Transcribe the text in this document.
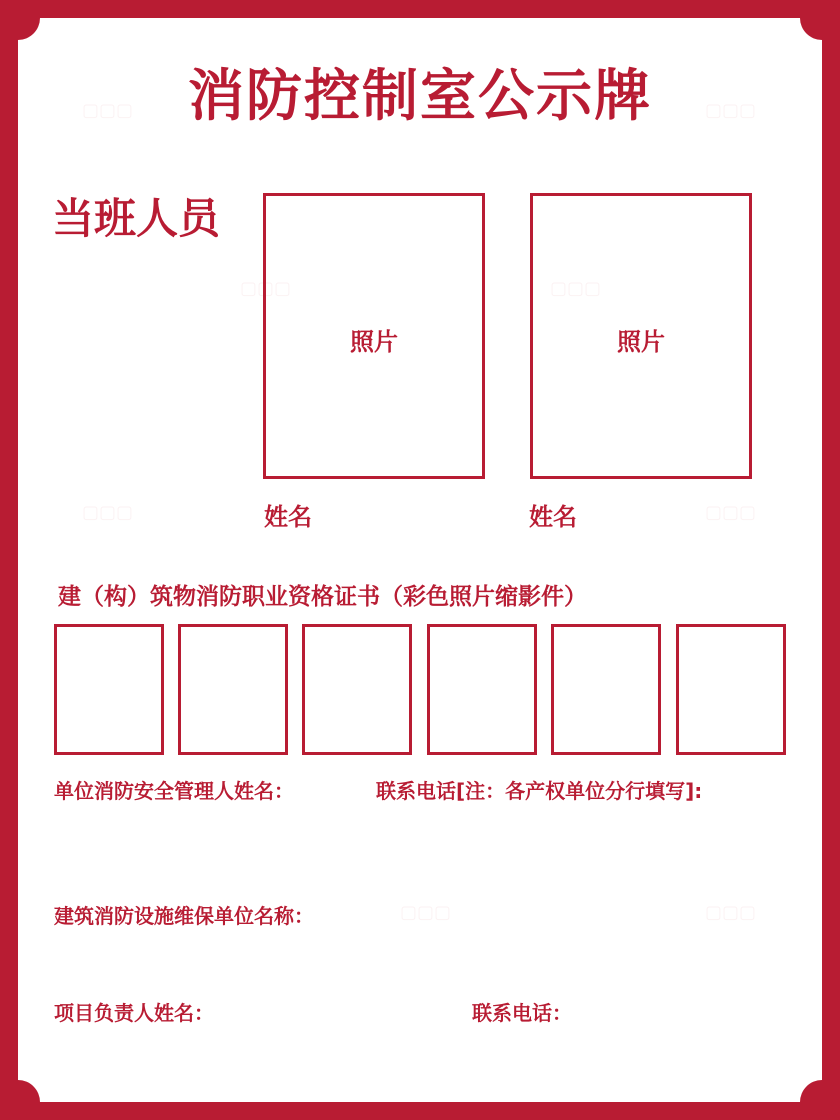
▢▢▢	▢▢▢
▢▢▢	▢▢▢
▢▢▢	▢▢▢
▢▢▢	▢▢▢
消防控制室公示牌
当班人员
照片	照片
姓名	姓名
建（构）筑物消防职业资格证书（彩色照片缩影件）
单位消防安全管理人姓名：	联系电话[注：各产权单位分行填写]:
建筑消防设施维保单位名称：
项目负责人姓名：	联系电话：
